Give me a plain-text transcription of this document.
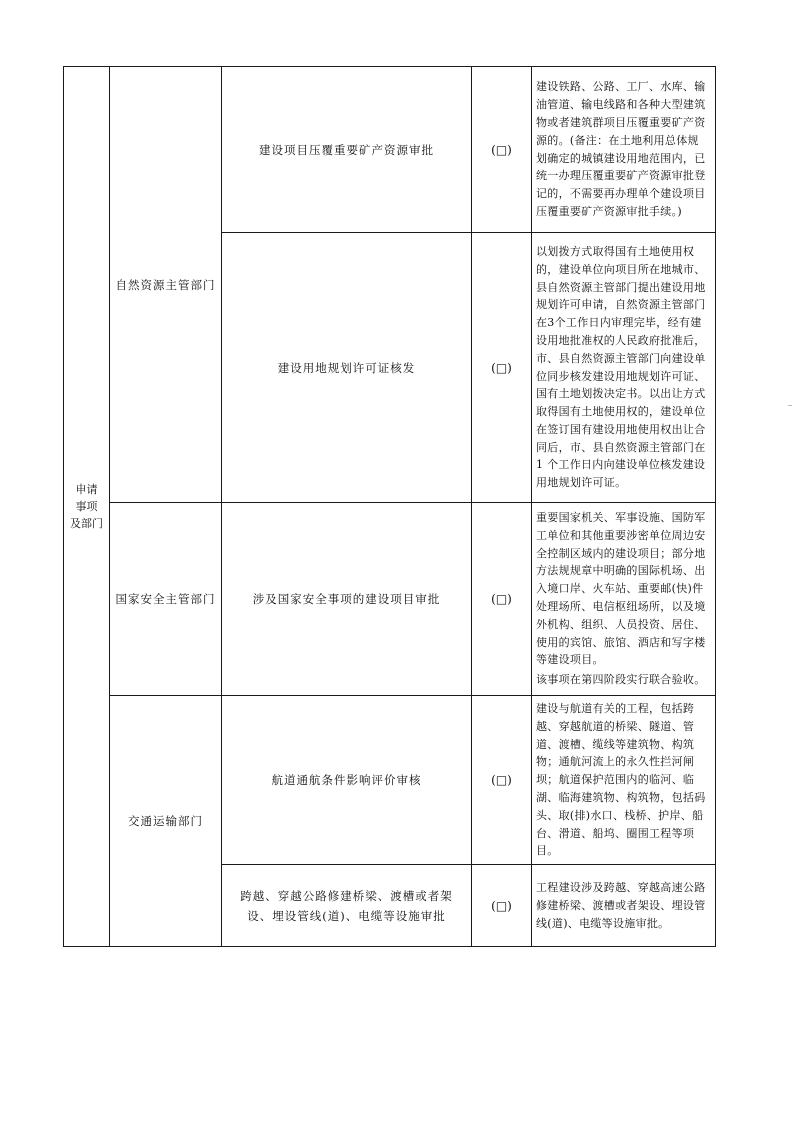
申请
事项
及部门	自然资源主管部门	建设项目压覆重要矿产资源审批	(□)	建设铁路、公路、工厂、水库、输油管道、输电线路和各种大型建筑物或者建筑群项目压覆重要矿产资源的。(备注：在土地利用总体规划确定的城镇建设用地范围内，已统一办理压覆重要矿产资源审批登记的，不需要再办理单个建设项目压覆重要矿产资源审批手续。)

		建设用地规划许可证核发	(□)	以划拨方式取得国有土地使用权的，建设单位向项目所在地城市、县自然资源主管部门提出建设用地规划许可申请，自然资源主管部门在3个工作日内审理完毕，经有建设用地批准权的人民政府批准后，市、县自然资源主管部门向建设单位同步核发建设用地规划许可证、国有土地划拨决定书。以出让方式取得国有土地使用权的，建设单位在签订国有建设用地使用权出让合同后，市、县自然资源主管部门在 1 个工作日内向建设单位核发建设用地规划许可证。

	国家安全主管部门	涉及国家安全事项的建设项目审批	(□)	重要国家机关、军事设施、国防军工单位和其他重要涉密单位周边安全控制区域内的建设项目；部分地方法规规章中明确的国际机场、出入境口岸、火车站、重要邮(快)件处理场所、电信枢纽场所，以及境外机构、组织、人员投资、居住、使用的宾馆、旅馆、酒店和写字楼等建设项目。
该事项在第四阶段实行联合验收。

	交通运输部门	航道通航条件影响评价审核	(□)	建设与航道有关的工程，包括跨越、穿越航道的桥梁、隧道、管道、渡槽、缆线等建筑物、构筑物；通航河流上的永久性拦河闸坝；航道保护范围内的临河、临湖、临海建筑物、构筑物，包括码头、取(排)水口、栈桥、护岸、船台、滑道、船坞、圈围工程等项目。

		跨越、穿越公路修建桥梁、渡槽或者架设、埋设管线(道)、电缆等设施审批	(□)	工程建设涉及跨越、穿越高速公路修建桥梁、渡槽或者架设、埋设管线(道)、电缆等设施审批。
